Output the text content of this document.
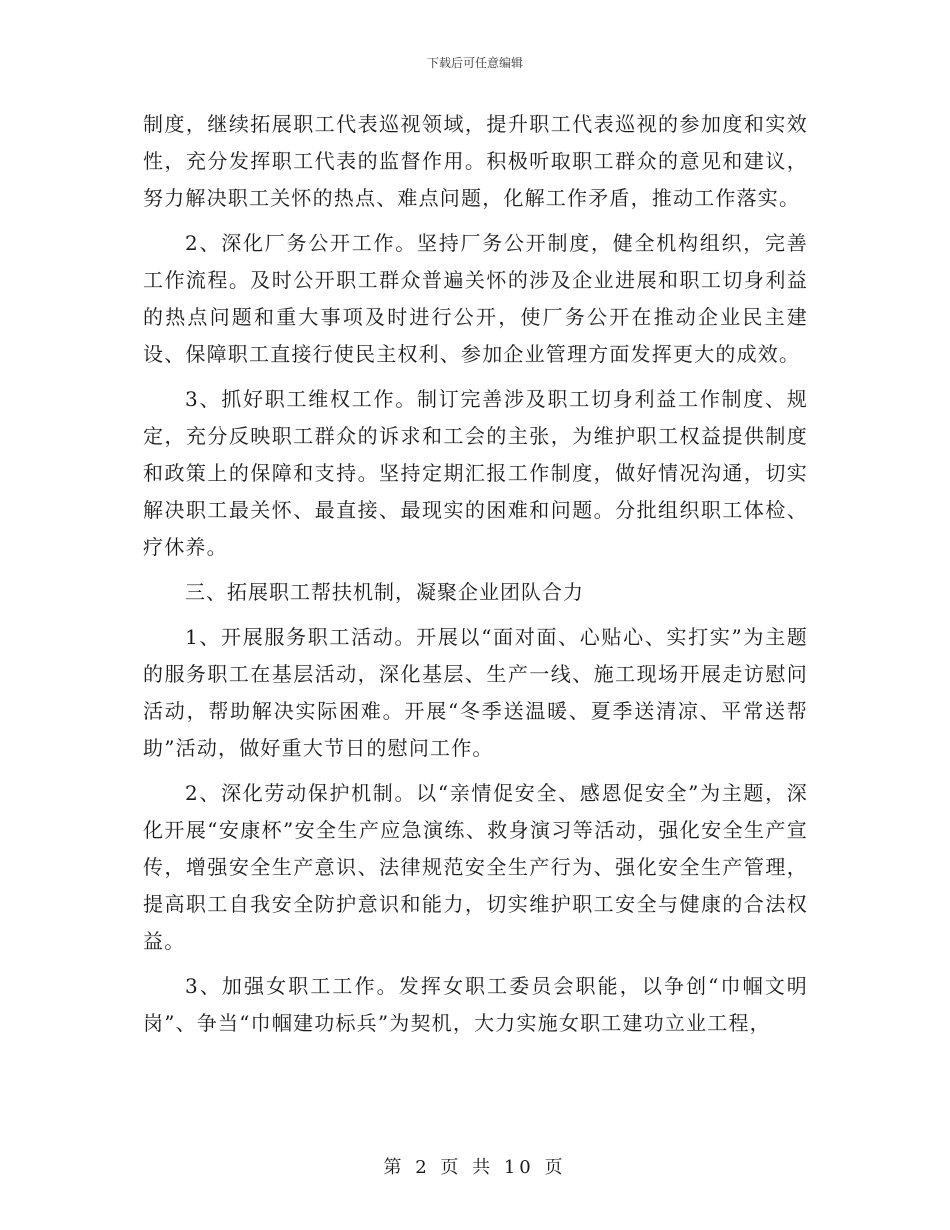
下载后可任意编辑

制度，继续拓展职工代表巡视领域，提升职工代表巡视的参加度和实效性，充分发挥职工代表的监督作用。积极听取职工群众的意见和建议，努力解决职工关怀的热点、难点问题，化解工作矛盾，推动工作落实。

2、深化厂务公开工作。坚持厂务公开制度，健全机构组织，完善工作流程。及时公开职工群众普遍关怀的涉及企业进展和职工切身利益的热点问题和重大事项及时进行公开，使厂务公开在推动企业民主建设、保障职工直接行使民主权利、参加企业管理方面发挥更大的成效。

3、抓好职工维权工作。制订完善涉及职工切身利益工作制度、规定，充分反映职工群众的诉求和工会的主张，为维护职工权益提供制度和政策上的保障和支持。坚持定期汇报工作制度，做好情况沟通，切实解决职工最关怀、最直接、最现实的困难和问题。分批组织职工体检、疗休养。

三、拓展职工帮扶机制，凝聚企业团队合力

1、开展服务职工活动。开展以“面对面、心贴心、实打实”为主题的服务职工在基层活动，深化基层、生产一线、施工现场开展走访慰问活动，帮助解决实际困难。开展“冬季送温暖、夏季送清凉、平常送帮助”活动，做好重大节日的慰问工作。

2、深化劳动保护机制。以“亲情促安全、感恩促安全”为主题，深化开展“安康杯”安全生产应急演练、救身演习等活动，强化安全生产宣传，增强安全生产意识、法律规范安全生产行为、强化安全生产管理，提高职工自我安全防护意识和能力，切实维护职工安全与健康的合法权益。

3、加强女职工工作。发挥女职工委员会职能，以争创“巾帼文明岗”、争当“巾帼建功标兵”为契机，大力实施女职工建功立业工程，

第 2 页 共 10 页
